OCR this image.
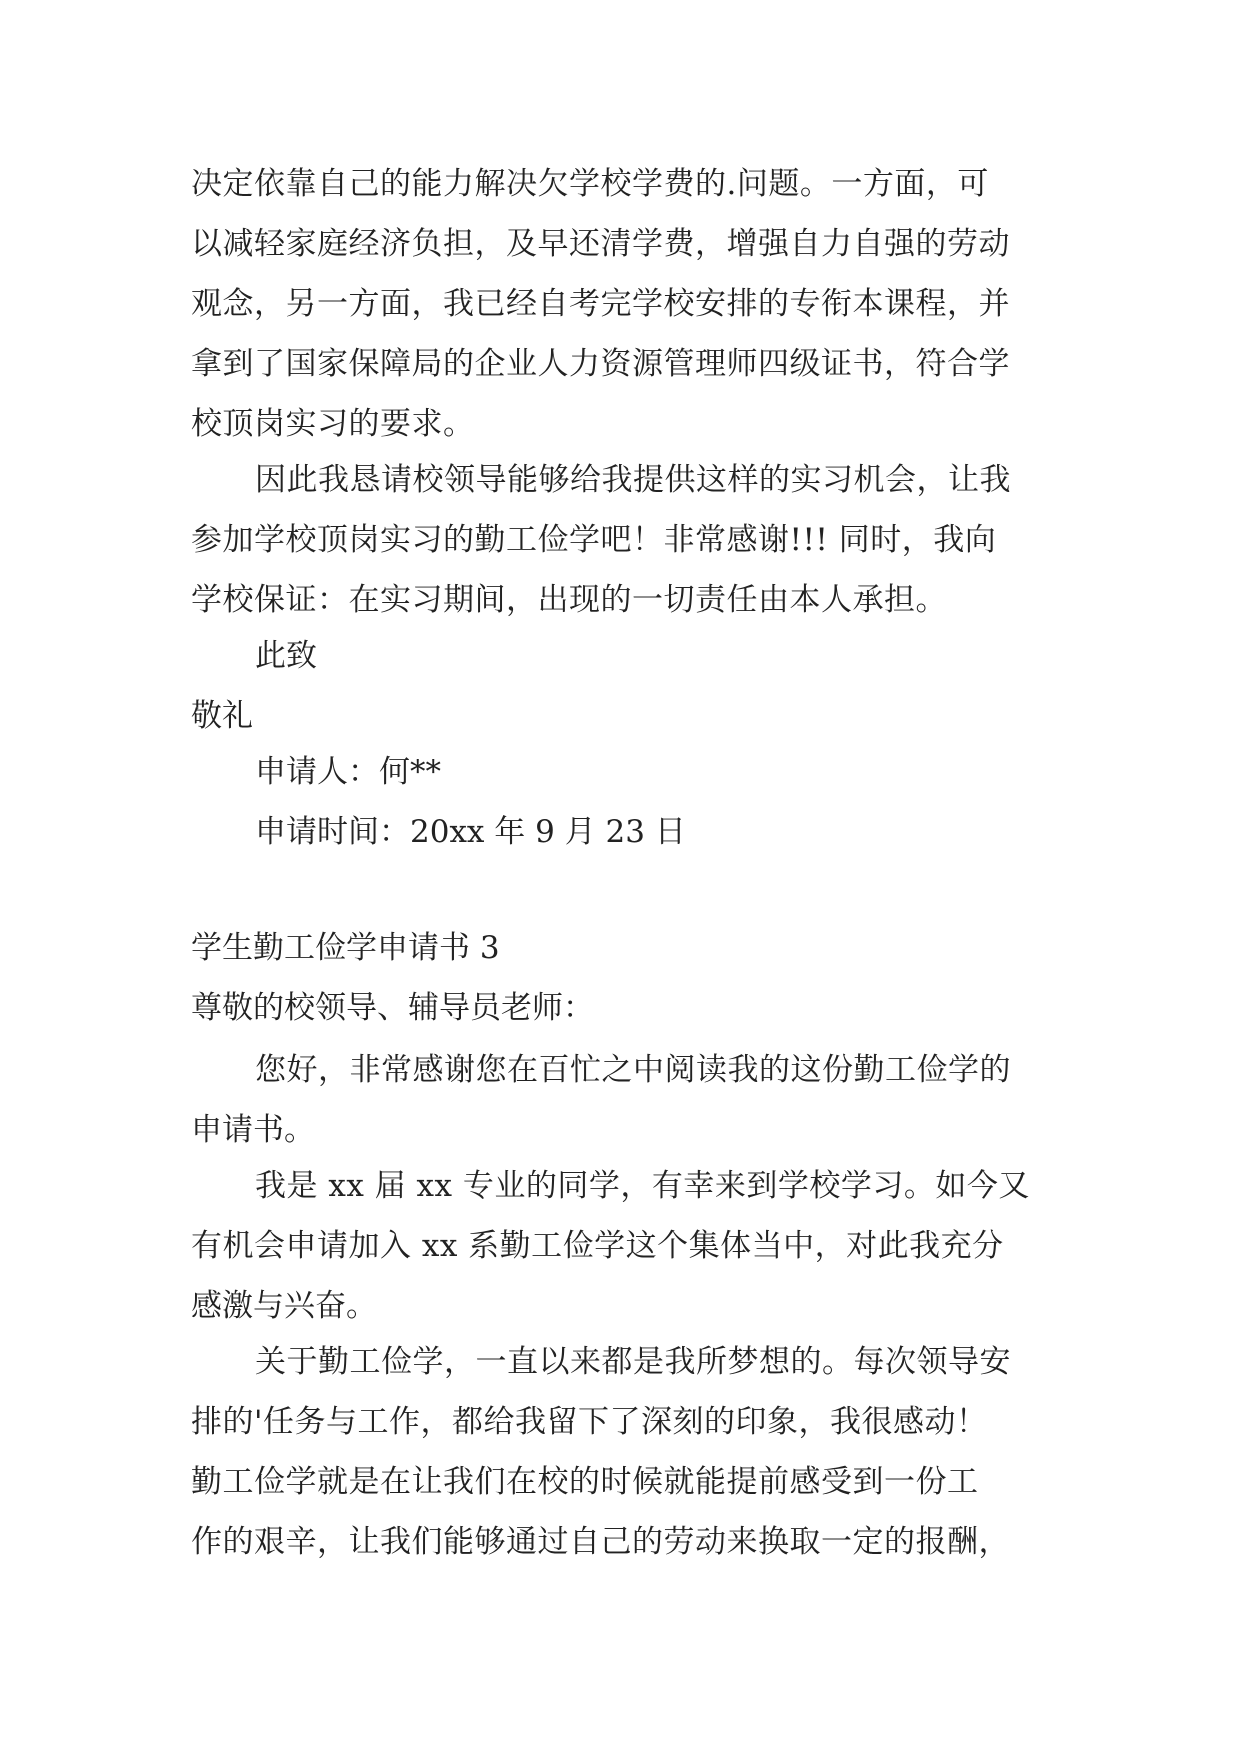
决定依靠自己的能力解决欠学校学费的.问题。一方面，可
以减轻家庭经济负担，及早还清学费，增强自力自强的劳动
观念，另一方面，我已经自考完学校安排的专衔本课程，并
拿到了国家保障局的企业人力资源管理师四级证书，符合学
校顶岗实习的要求。
因此我恳请校领导能够给我提供这样的实习机会，让我
参加学校顶岗实习的勤工俭学吧！非常感谢!!! 同时，我向
学校保证：在实习期间，出现的一切责任由本人承担。
此致
敬礼
申请人：何**
申请时间：20xx 年 9 月 23 日
学生勤工俭学申请书 3
尊敬的校领导、辅导员老师：
您好，非常感谢您在百忙之中阅读我的这份勤工俭学的
申请书。
我是 xx 届 xx 专业的同学，有幸来到学校学习。如今又
有机会申请加入 xx 系勤工俭学这个集体当中，对此我充分
感激与兴奋。
关于勤工俭学，一直以来都是我所梦想的。每次领导安
排的'任务与工作，都给我留下了深刻的印象，我很感动！
勤工俭学就是在让我们在校的时候就能提前感受到一份工
作的艰辛，让我们能够通过自己的劳动来换取一定的报酬，
